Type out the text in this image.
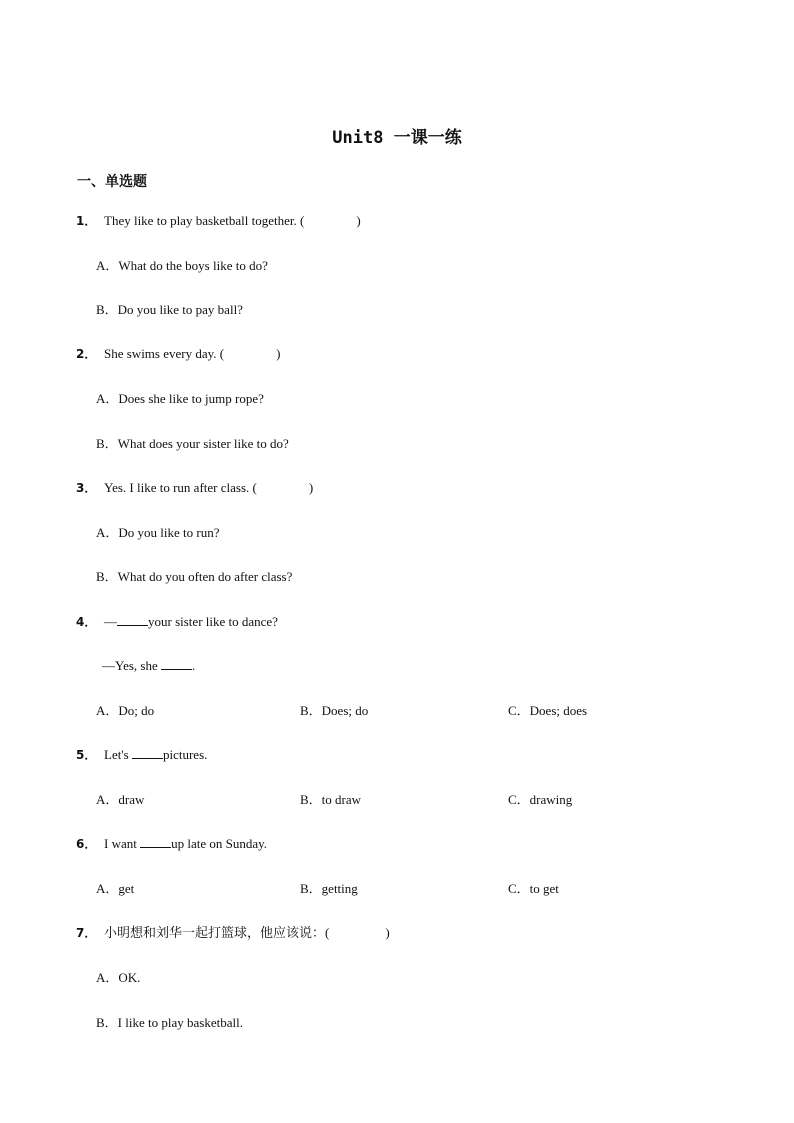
Unit8 一课一练
一、单选题
1． They like to play basketball together. (	)
A．What do the boys like to do?
B．Do you like to pay ball?
2． She swims every day. (	)
A．Does she like to jump rope?
B．What does your sister like to do?
3． Yes. I like to run after class. (	)
A．Do you like to run?
B．What do you often do after class?
4． — your sister like to dance?
—Yes, she	.
A．Do; do	B．Does; do	C．Does; does
5． Let's	pictures.
A．draw	B．to draw	C．drawing
6． I want	up late on Sunday.
A．get	B．getting	C．to get
7． 小明想和刘华一起打篮球，他应该说：(	)
A．OK.
B．I like to play basketball.
